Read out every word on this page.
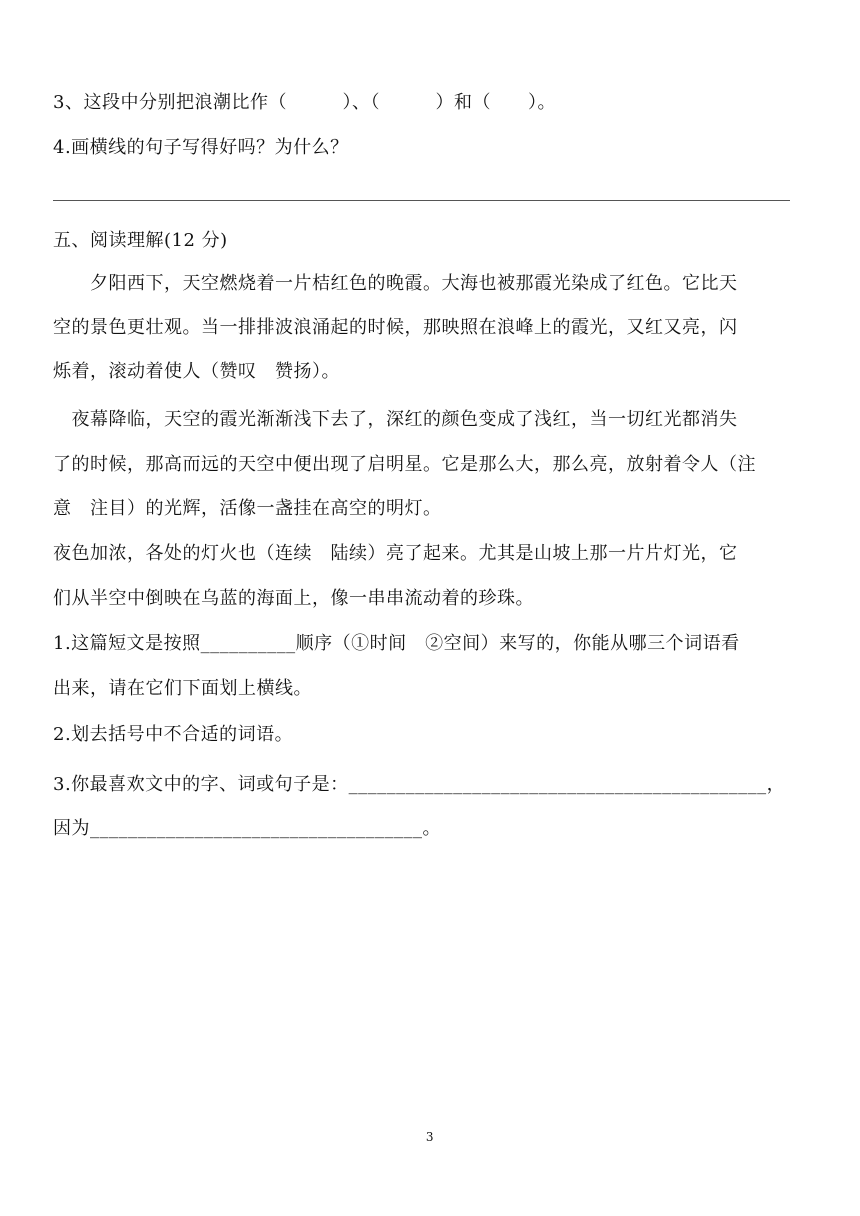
3、这段中分别把浪潮比作（　　　）、（　　　）和（　　）。
4.画横线的句子写得好吗？为什么？
五、阅读理解(12 分)
　　夕阳西下，天空燃烧着一片桔红色的晚霞。大海也被那霞光染成了红色。它比天
空的景色更壮观。当一排排波浪涌起的时候，那映照在浪峰上的霞光，又红又亮，闪
烁着，滚动着使人（赞叹　赞扬）。
　夜幕降临，天空的霞光渐渐浅下去了，深红的颜色变成了浅红，当一切红光都消失
了的时候，那高而远的天空中便出现了启明星。它是那么大，那么亮，放射着令人（注
意　注目）的光辉，活像一盏挂在高空的明灯。
夜色加浓，各处的灯火也（连续　陆续）亮了起来。尤其是山坡上那一片片灯光，它
们从半空中倒映在乌蓝的海面上，像一串串流动着的珍珠。
1.这篇短文是按照__________顺序（①时间　②空间）来写的，你能从哪三个词语看
出来，请在它们下面划上横线。
2.划去括号中不合适的词语。
3.你最喜欢文中的字、词或句子是：____________________________________________，
因为___________________________________。
3
